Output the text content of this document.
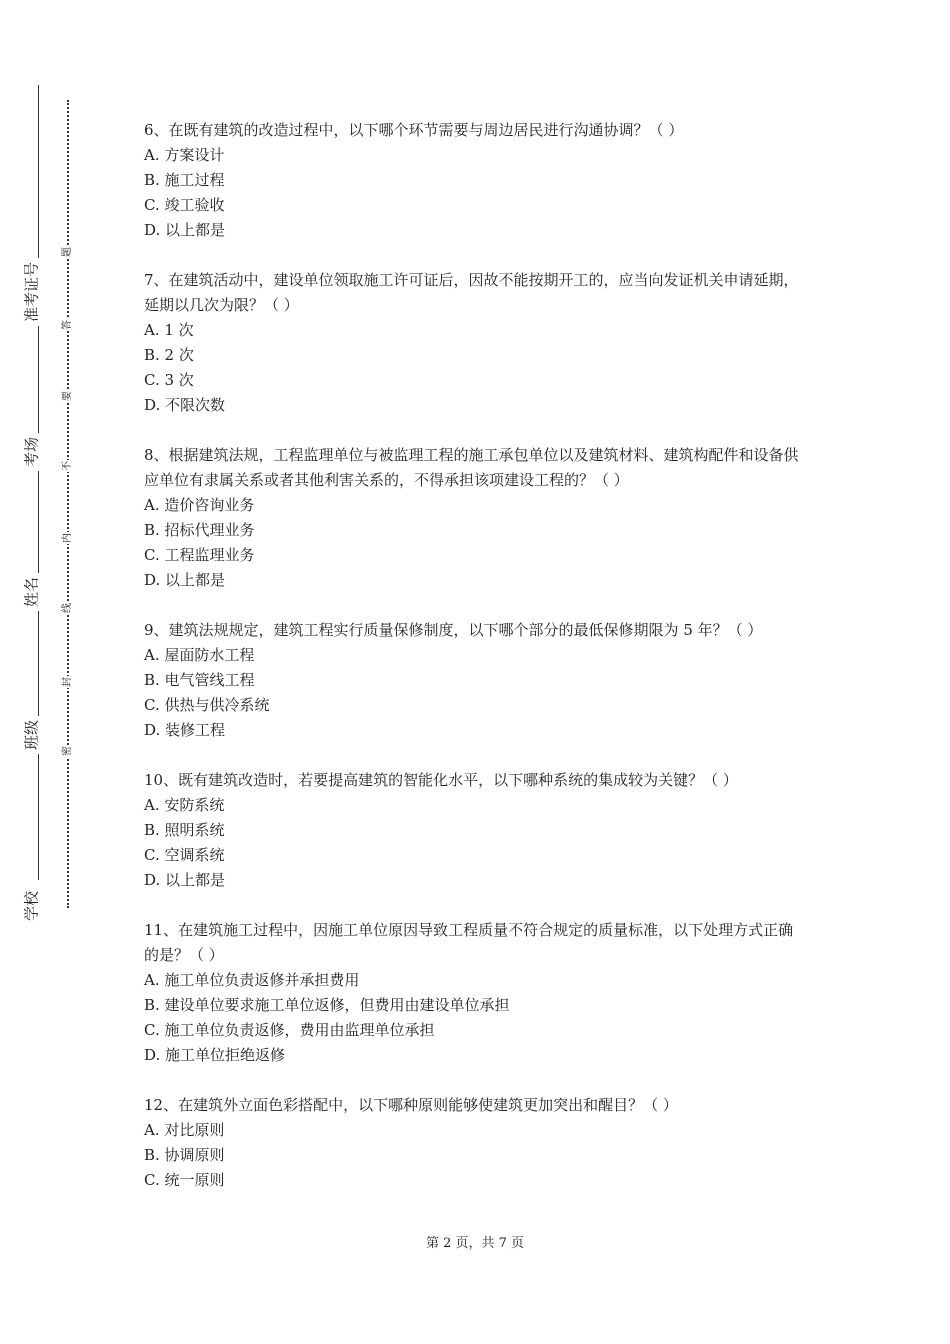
准考证号
考场
姓名
班级
学校
题
答
要
不
内
线
封
密

6、在既有建筑的改造过程中，以下哪个环节需要与周边居民进行沟通协调？（ ）

A. 方案设计

B. 施工过程

C. 竣工验收

D. 以上都是

7、在建筑活动中，建设单位领取施工许可证后，因故不能按期开工的，应当向发证机关申请延期，延期以几次为限？（ ）

A. 1 次

B. 2 次

C. 3 次

D. 不限次数

8、根据建筑法规，工程监理单位与被监理工程的施工承包单位以及建筑材料、建筑构配件和设备供应单位有隶属关系或者其他利害关系的，不得承担该项建设工程的？（ ）

A. 造价咨询业务

B. 招标代理业务

C. 工程监理业务

D. 以上都是

9、建筑法规规定，建筑工程实行质量保修制度，以下哪个部分的最低保修期限为 5 年？（ ）

A. 屋面防水工程

B. 电气管线工程

C. 供热与供冷系统

D. 装修工程

10、既有建筑改造时，若要提高建筑的智能化水平，以下哪种系统的集成较为关键？（ ）

A. 安防系统

B. 照明系统

C. 空调系统

D. 以上都是

11、在建筑施工过程中，因施工单位原因导致工程质量不符合规定的质量标准，以下处理方式正确的是？（ ）

A. 施工单位负责返修并承担费用

B. 建设单位要求施工单位返修，但费用由建设单位承担

C. 施工单位负责返修，费用由监理单位承担

D. 施工单位拒绝返修

12、在建筑外立面色彩搭配中，以下哪种原则能够使建筑更加突出和醒目？（ ）

A. 对比原则

B. 协调原则

C. 统一原则

第 2 页，共 7 页
